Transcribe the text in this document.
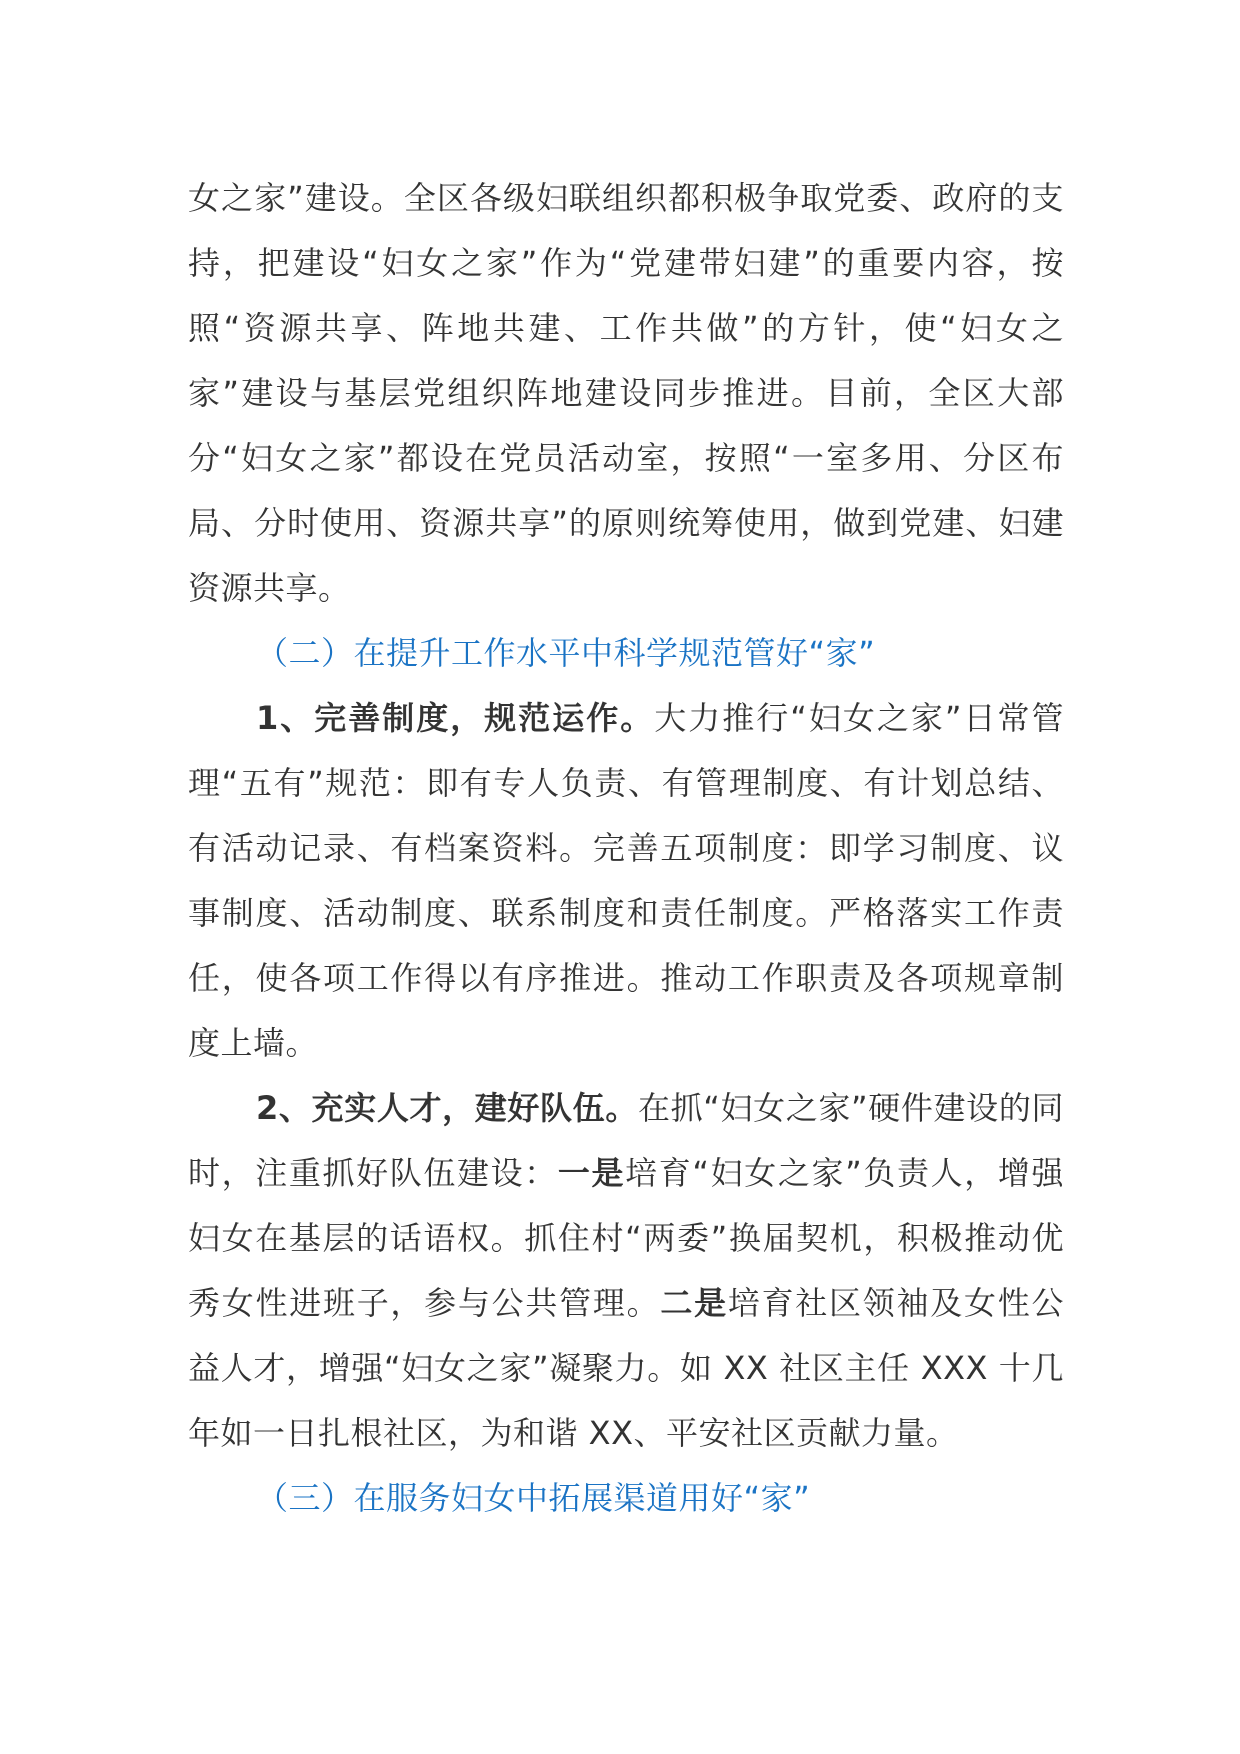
女之家”建设。全区各级妇联组织都积极争取党委、政府的支持，把建设“妇女之家”作为“党建带妇建”的重要内容，按照“资源共享、阵地共建、工作共做”的方针，使“妇女之家”建设与基层党组织阵地建设同步推进。目前，全区大部分“妇女之家”都设在党员活动室，按照“一室多用、分区布局、分时使用、资源共享”的原则统筹使用，做到党建、妇建资源共享。

（二）在提升工作水平中科学规范管好“家”

1、完善制度，规范运作。大力推行“妇女之家”日常管理“五有”规范：即有专人负责、有管理制度、有计划总结、有活动记录、有档案资料。完善五项制度：即学习制度、议事制度、活动制度、联系制度和责任制度。严格落实工作责任，使各项工作得以有序推进。推动工作职责及各项规章制度上墙。

2、充实人才，建好队伍。在抓“妇女之家”硬件建设的同时，注重抓好队伍建设：一是培育“妇女之家”负责人，增强妇女在基层的话语权。抓住村“两委”换届契机，积极推动优秀女性进班子，参与公共管理。二是培育社区领袖及女性公益人才，增强“妇女之家”凝聚力。如 XX 社区主任 XXX 十几年如一日扎根社区，为和谐 XX、平安社区贡献力量。

（三）在服务妇女中拓展渠道用好“家”
